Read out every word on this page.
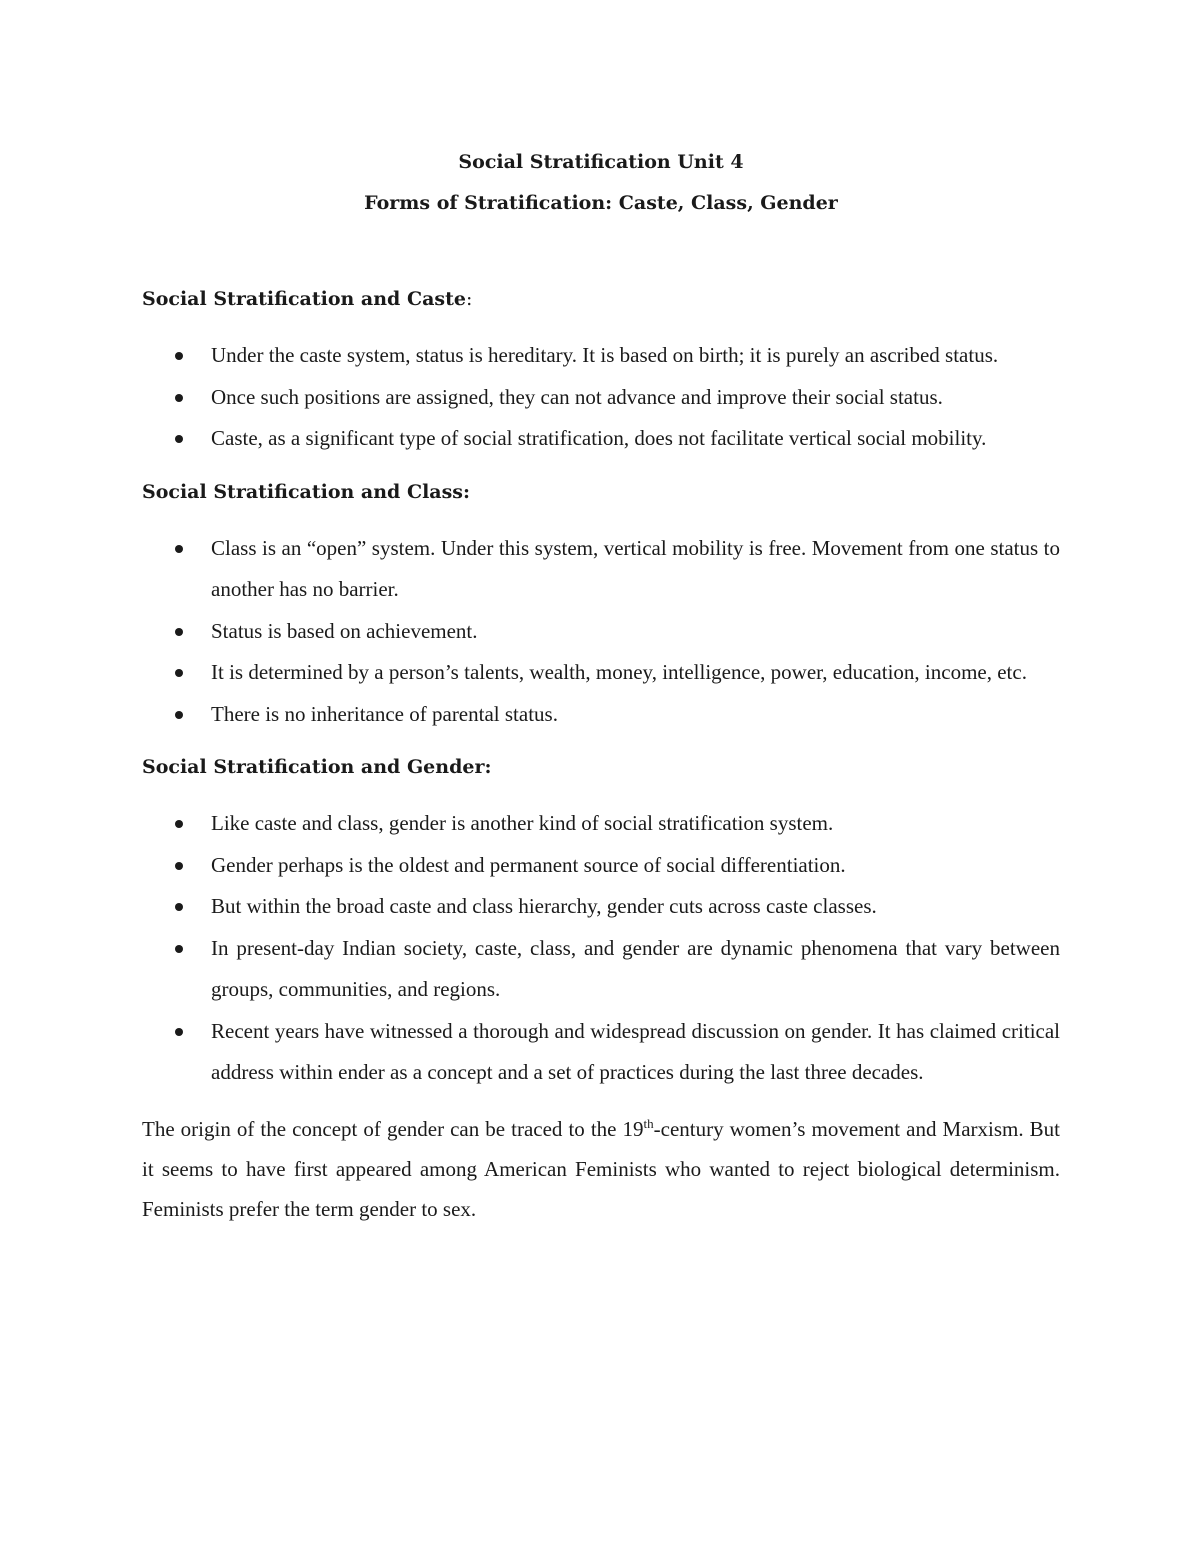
Social Stratification Unit 4
Forms of Stratification: Caste, Class, Gender

Social Stratification and Caste:

Under the caste system, status is hereditary. It is based on birth; it is purely an ascribed status.
Once such positions are assigned, they can not advance and improve their social status.
Caste, as a significant type of social stratification, does not facilitate vertical social mobility.

Social Stratification and Class:

Class is an “open” system. Under this system, vertical mobility is free. Movement from one status to another has no barrier.
Status is based on achievement.
It is determined by a person’s talents, wealth, money, intelligence, power, education, income, etc.
There is no inheritance of parental status.

Social Stratification and Gender:

Like caste and class, gender is another kind of social stratification system.
Gender perhaps is the oldest and permanent source of social differentiation.
But within the broad caste and class hierarchy, gender cuts across caste classes.
In present-day Indian society, caste, class, and gender are dynamic phenomena that vary between groups, communities, and regions.
Recent years have witnessed a thorough and widespread discussion on gender. It has claimed critical address within ender as a concept and a set of practices during the last three decades.

The origin of the concept of gender can be traced to the 19th-century women’s movement and Marxism. But it seems to have first appeared among American Feminists who wanted to reject biological determinism. Feminists prefer the term gender to sex.
